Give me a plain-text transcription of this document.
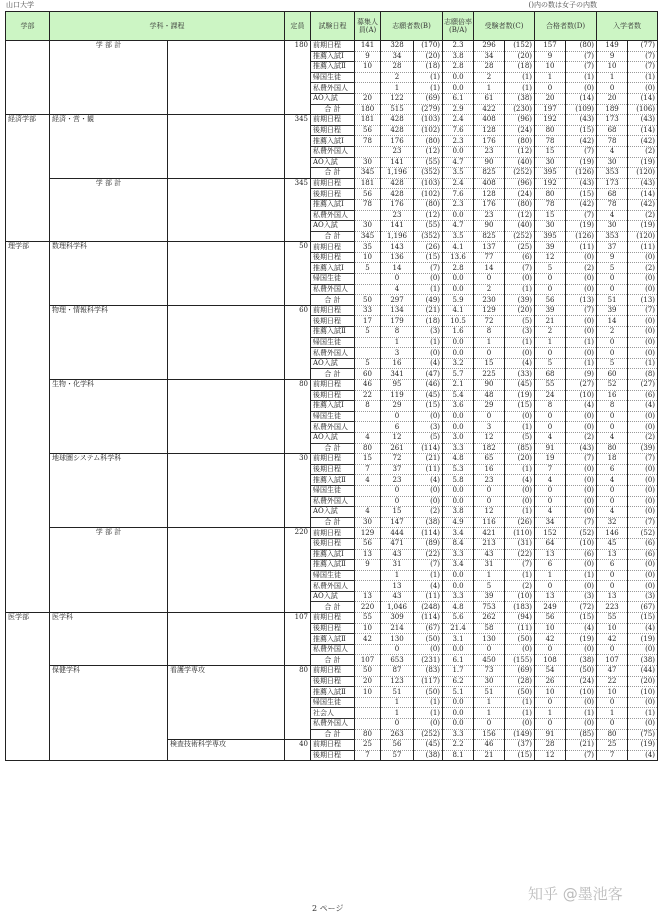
山口大学	()内の数は女子の内数
学部	学科・課程		定員	試験日程	募集人員(A)	志願者数(B)		志願倍率(B/A)	受験者数(C)		合格者数(D)		入学者数	
	学 部 計		180	前期日程	141	328	(170)	2.3	296	(152)	157	(80)	149	(77)
				推薦入試Ⅰ	9	34	(20)	3.8	34	(20)	9	(7)	9	(7)
				推薦入試Ⅱ	10	28	(18)	2.8	28	(18)	10	(7)	10	(7)
				帰国生徒		2	(1)	0.0	2	(1)	1	(1)	1	(1)
				私費外国人		1	(1)	0.0	1	(1)	0	(0)	0	(0)
				AO入試	20	122	(69)	6.1	61	(38)	20	(14)	20	(14)
				合 計	180	515	(279)	2.9	422	(230)	197	(109)	189	(106)
経済学部	経済・営・観		345	前期日程	181	428	(103)	2.4	408	(96)	192	(43)	173	(43)
				後期日程	56	428	(102)	7.6	128	(24)	80	(15)	68	(14)
				推薦入試Ⅰ	78	176	(80)	2.3	176	(80)	78	(42)	78	(42)
				私費外国人		23	(12)	0.0	23	(12)	15	(7)	4	(2)
				AO入試	30	141	(55)	4.7	90	(40)	30	(19)	30	(19)
				合 計	345	1,196	(352)	3.5	825	(252)	395	(126)	353	(120)
	学 部 計		345	前期日程	181	428	(103)	2.4	408	(96)	192	(43)	173	(43)
				後期日程	56	428	(102)	7.6	128	(24)	80	(15)	68	(14)
				推薦入試Ⅰ	78	176	(80)	2.3	176	(80)	78	(42)	78	(42)
				私費外国人		23	(12)	0.0	23	(12)	15	(7)	4	(2)
				AO入試	30	141	(55)	4.7	90	(40)	30	(19)	30	(19)
				合 計	345	1,196	(352)	3.5	825	(252)	395	(126)	353	(120)
理学部	数理科学科		50	前期日程	35	143	(26)	4.1	137	(25)	39	(11)	37	(11)
				後期日程	10	136	(15)	13.6	77	(6)	12	(0)	9	(0)
				推薦入試Ⅰ	5	14	(7)	2.8	14	(7)	5	(2)	5	(2)
				帰国生徒		0	(0)	0.0	0	(0)	0	(0)	0	(0)
				私費外国人		4	(1)	0.0	2	(1)	0	(0)	0	(0)
				合 計	50	297	(49)	5.9	230	(39)	56	(13)	51	(13)
	物理・情報科学科		60	前期日程	33	134	(21)	4.1	129	(20)	39	(7)	39	(7)
				後期日程	17	179	(18)	10.5	72	(5)	21	(0)	14	(0)
				推薦入試Ⅱ	5	8	(3)	1.6	8	(3)	2	(0)	2	(0)
				帰国生徒		1	(1)	0.0	1	(1)	1	(1)	0	(0)
				私費外国人		3	(0)	0.0	0	(0)	0	(0)	0	(0)
				AO入試	5	16	(4)	3.2	15	(4)	5	(1)	5	(1)
				合 計	60	341	(47)	5.7	225	(33)	68	(9)	60	(8)
	生物・化学科		80	前期日程	46	95	(46)	2.1	90	(45)	55	(27)	52	(27)
				後期日程	22	119	(45)	5.4	48	(19)	24	(10)	16	(6)
				推薦入試Ⅰ	8	29	(15)	3.6	29	(15)	8	(4)	8	(4)
				帰国生徒		0	(0)	0.0	0	(0)	0	(0)	0	(0)
				私費外国人		6	(3)	0.0	3	(1)	0	(0)	0	(0)
				AO入試	4	12	(5)	3.0	12	(5)	4	(2)	4	(2)
				合 計	80	261	(114)	3.3	182	(85)	91	(43)	80	(39)
	地球圏システム科学科		30	前期日程	15	72	(21)	4.8	65	(20)	19	(7)	18	(7)
				後期日程	7	37	(11)	5.3	16	(1)	7	(0)	6	(0)
				推薦入試Ⅱ	4	23	(4)	5.8	23	(4)	4	(0)	4	(0)
				帰国生徒		0	(0)	0.0	0	(0)	0	(0)	0	(0)
				私費外国人		0	(0)	0.0	0	(0)	0	(0)	0	(0)
				AO入試	4	15	(2)	3.8	12	(1)	4	(0)	4	(0)
				合 計	30	147	(38)	4.9	116	(26)	34	(7)	32	(7)
	学 部 計		220	前期日程	129	444	(114)	3.4	421	(110)	152	(52)	146	(52)
				後期日程	56	471	(89)	8.4	213	(31)	64	(10)	45	(6)
				推薦入試Ⅰ	13	43	(22)	3.3	43	(22)	13	(6)	13	(6)
				推薦入試Ⅱ	9	31	(7)	3.4	31	(7)	6	(0)	6	(0)
				帰国生徒		1	(1)	0.0	1	(1)	1	(1)	0	(0)
				私費外国人		13	(4)	0.0	5	(2)	0	(0)	0	(0)
				AO入試	13	43	(11)	3.3	39	(10)	13	(3)	13	(3)
				合 計	220	1,046	(248)	4.8	753	(183)	249	(72)	223	(67)
医学部	医学科		107	前期日程	55	309	(114)	5.6	262	(94)	56	(15)	55	(15)
				後期日程	10	214	(67)	21.4	58	(11)	10	(4)	10	(4)
				推薦入試Ⅱ	42	130	(50)	3.1	130	(50)	42	(19)	42	(19)
				私費外国人		0	(0)	0.0	0	(0)	0	(0)	0	(0)
				合 計	107	653	(231)	6.1	450	(155)	108	(38)	107	(38)
	保健学科	看護学専攻	80	前期日程	50	87	(83)	1.7	73	(69)	54	(50)	47	(44)
				後期日程	20	123	(117)	6.2	30	(28)	26	(24)	22	(20)
				推薦入試Ⅱ	10	51	(50)	5.1	51	(50)	10	(10)	10	(10)
				帰国生徒		1	(1)	0.0	1	(1)	0	(0)	0	(0)
				社会人		1	(1)	0.0	1	(1)	1	(1)	1	(1)
				私費外国人		0	(0)	0.0	0	(0)	0	(0)	0	(0)
				合 計	80	263	(252)	3.3	156	(149)	91	(85)	80	(75)
		検査技術科学専攻	40	前期日程	25	56	(45)	2.2	46	(37)	28	(21)	25	(19)
				後期日程	7	57	(38)	8.1	21	(15)	12	(7)	7	(4)
知乎 @墨池客
2 ページ
